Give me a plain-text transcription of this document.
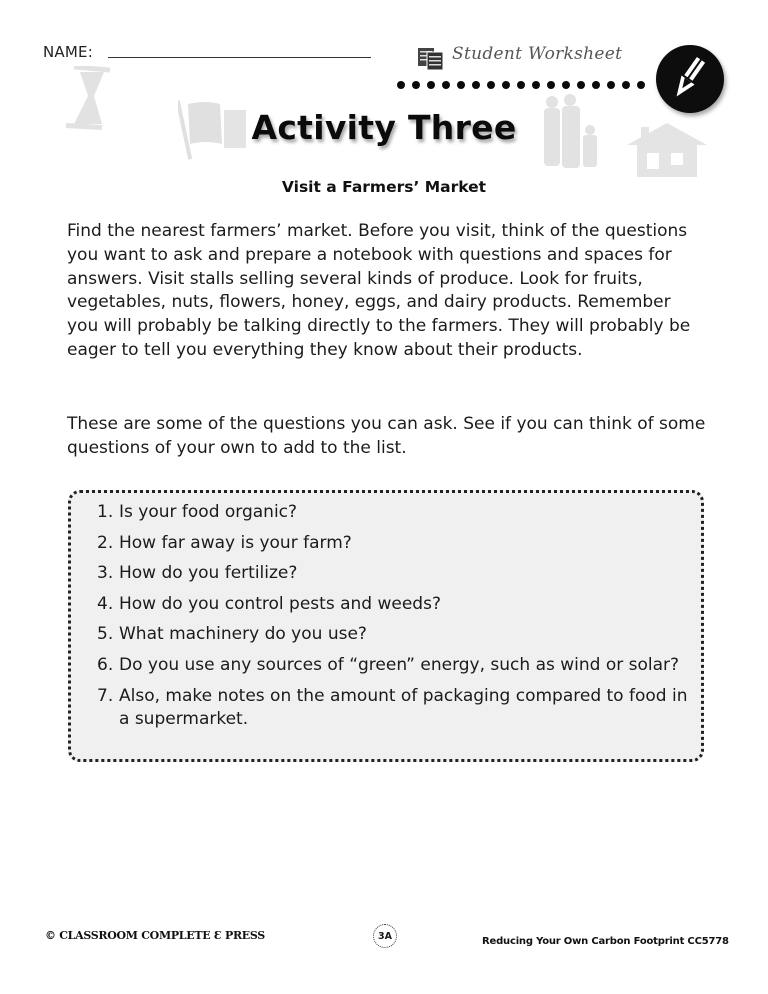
NAME:	Student Worksheet
Activity Three
Visit a Farmers’ Market
Find the nearest farmers’ market. Before you visit, think of the questions you want to ask and prepare a notebook with questions and spaces for answers. Visit stalls selling several kinds of produce. Look for fruits, vegetables, nuts, flowers, honey, eggs, and dairy products. Remember you will probably be talking directly to the farmers. They will probably be eager to tell you everything they know about their products.
These are some of the questions you can ask. See if you can think of some questions of your own to add to the list.
1. Is your food organic?
2. How far away is your farm?
3. How do you fertilize?
4. How do you control pests and weeds?
5. What machinery do you use?
6. Do you use any sources of “green” energy, such as wind or solar?
7. Also, make notes on the amount of packaging compared to food in a supermarket.
© CLASSROOM COMPLETE Ɛ PRESS	3A	Reducing Your Own Carbon Footprint CC5778
